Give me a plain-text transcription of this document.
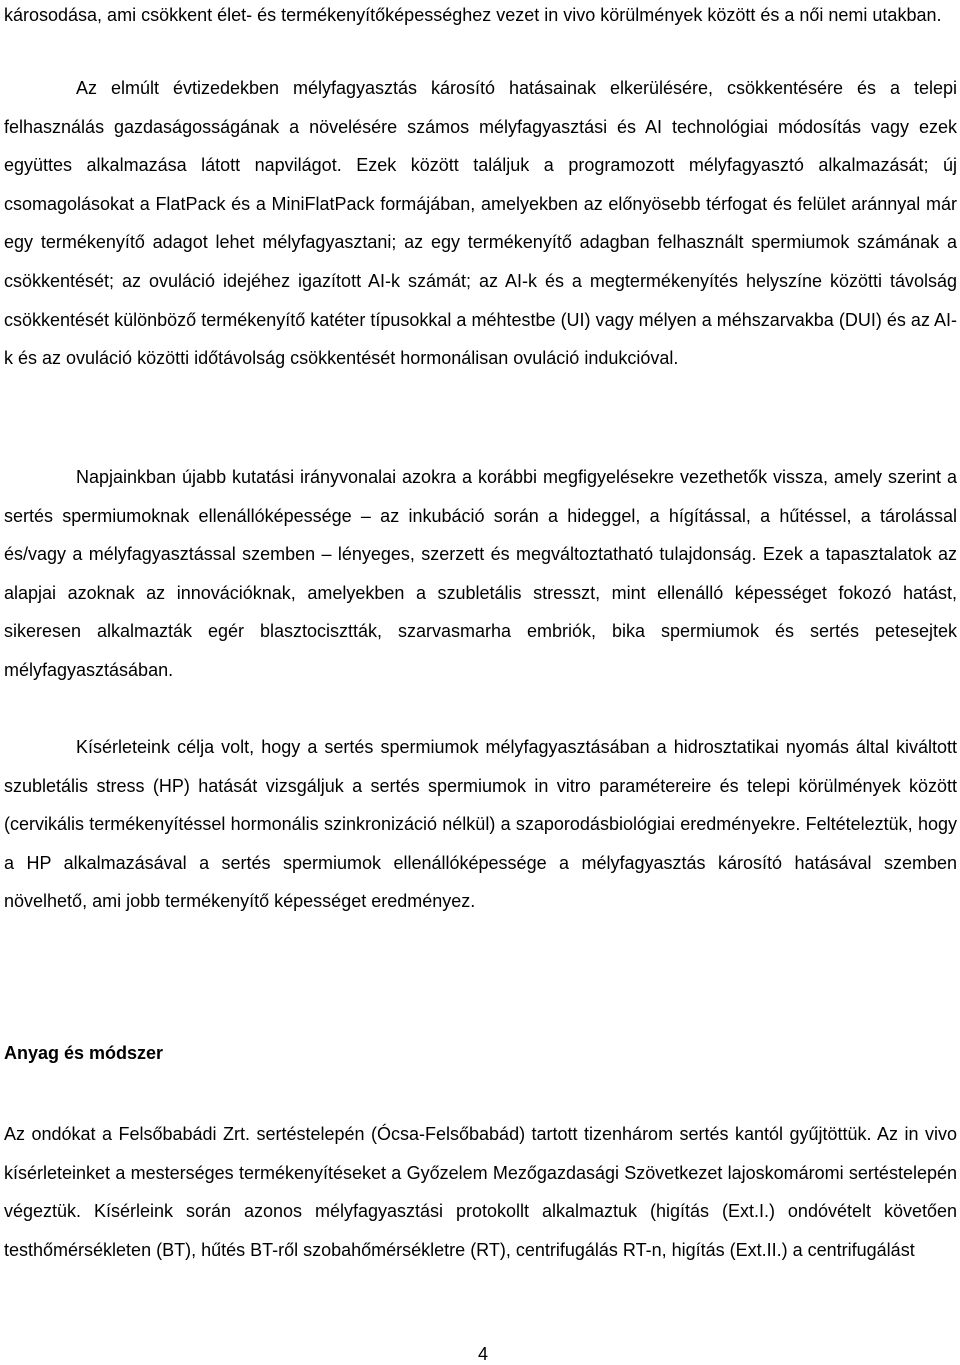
károsodása, ami csökkent élet- és termékenyítőképességhez vezet in vivo körülmények között és a női nemi utakban.

Az elmúlt évtizedekben mélyfagyasztás károsító hatásainak elkerülésére, csökkentésére és a telepi felhasználás gazdaságosságának a növelésére számos mélyfagyasztási és AI technológiai módosítás vagy ezek együttes alkalmazása látott napvilágot. Ezek között találjuk a programozott mélyfagyasztó alkalmazását; új csomagolásokat a FlatPack és a MiniFlatPack formájában, amelyekben az előnyösebb térfogat és felület aránnyal már egy termékenyítő adagot lehet mélyfagyasztani; az egy termékenyítő adagban felhasznált spermiumok számának a csökkentését; az ovuláció idejéhez igazított AI-k számát; az AI-k és a megtermékenyítés helyszíne közötti távolság csökkentését különböző termékenyítő katéter típusokkal a méhtestbe (UI) vagy mélyen a méhszarvakba (DUI) és az AI-k és az ovuláció közötti időtávolság csökkentését hormonálisan ovuláció indukcióval.

Napjainkban újabb kutatási irányvonalai azokra a korábbi megfigyelésekre vezethetők vissza, amely szerint a sertés spermiumoknak ellenállóképessége – az inkubáció során a hideggel, a hígítással, a hűtéssel, a tárolással és/vagy a mélyfagyasztással szemben – lényeges, szerzett és megváltoztatható tulajdonság. Ezek a tapasztalatok az alapjai azoknak az innovációknak, amelyekben a szubletális stresszt, mint ellenálló képességet fokozó hatást, sikeresen alkalmazták egér blasztocisztták, szarvasmarha embriók, bika spermiumok és sertés petesejtek mélyfagyasztásában.

Kísérleteink célja volt, hogy a sertés spermiumok mélyfagyasztásában a hidrosztatikai nyomás által kiváltott szubletális stress (HP) hatását vizsgáljuk a sertés spermiumok in vitro paramétereire és telepi körülmények között (cervikális termékenyítéssel hormonális szinkronizáció nélkül) a szaporodásbiológiai eredményekre. Feltételeztük, hogy a HP alkalmazásával a sertés spermiumok ellenállóképessége a mélyfagyasztás károsító hatásával szemben növelhető, ami jobb termékenyítő képességet eredményez.

Anyag és módszer

Az ondókat a Felsőbabádi Zrt. sertéstelepén (Ócsa-Felsőbabád) tartott tizenhárom sertés kantól gyűjtöttük. Az in vivo kísérleteinket a mesterséges termékenyítéseket a Győzelem Mezőgazdasági Szövetkezet lajoskomáromi sertéstelepén végeztük. Kísérleink során azonos mélyfagyasztási protokollt alkalmaztuk (higítás (Ext.I.) ondóvételt követően testhőmérsékleten (BT), hűtés BT-ről szobahőmérsékletre (RT), centrifugálás RT-n, higítás (Ext.II.) a centrifugálást

4
